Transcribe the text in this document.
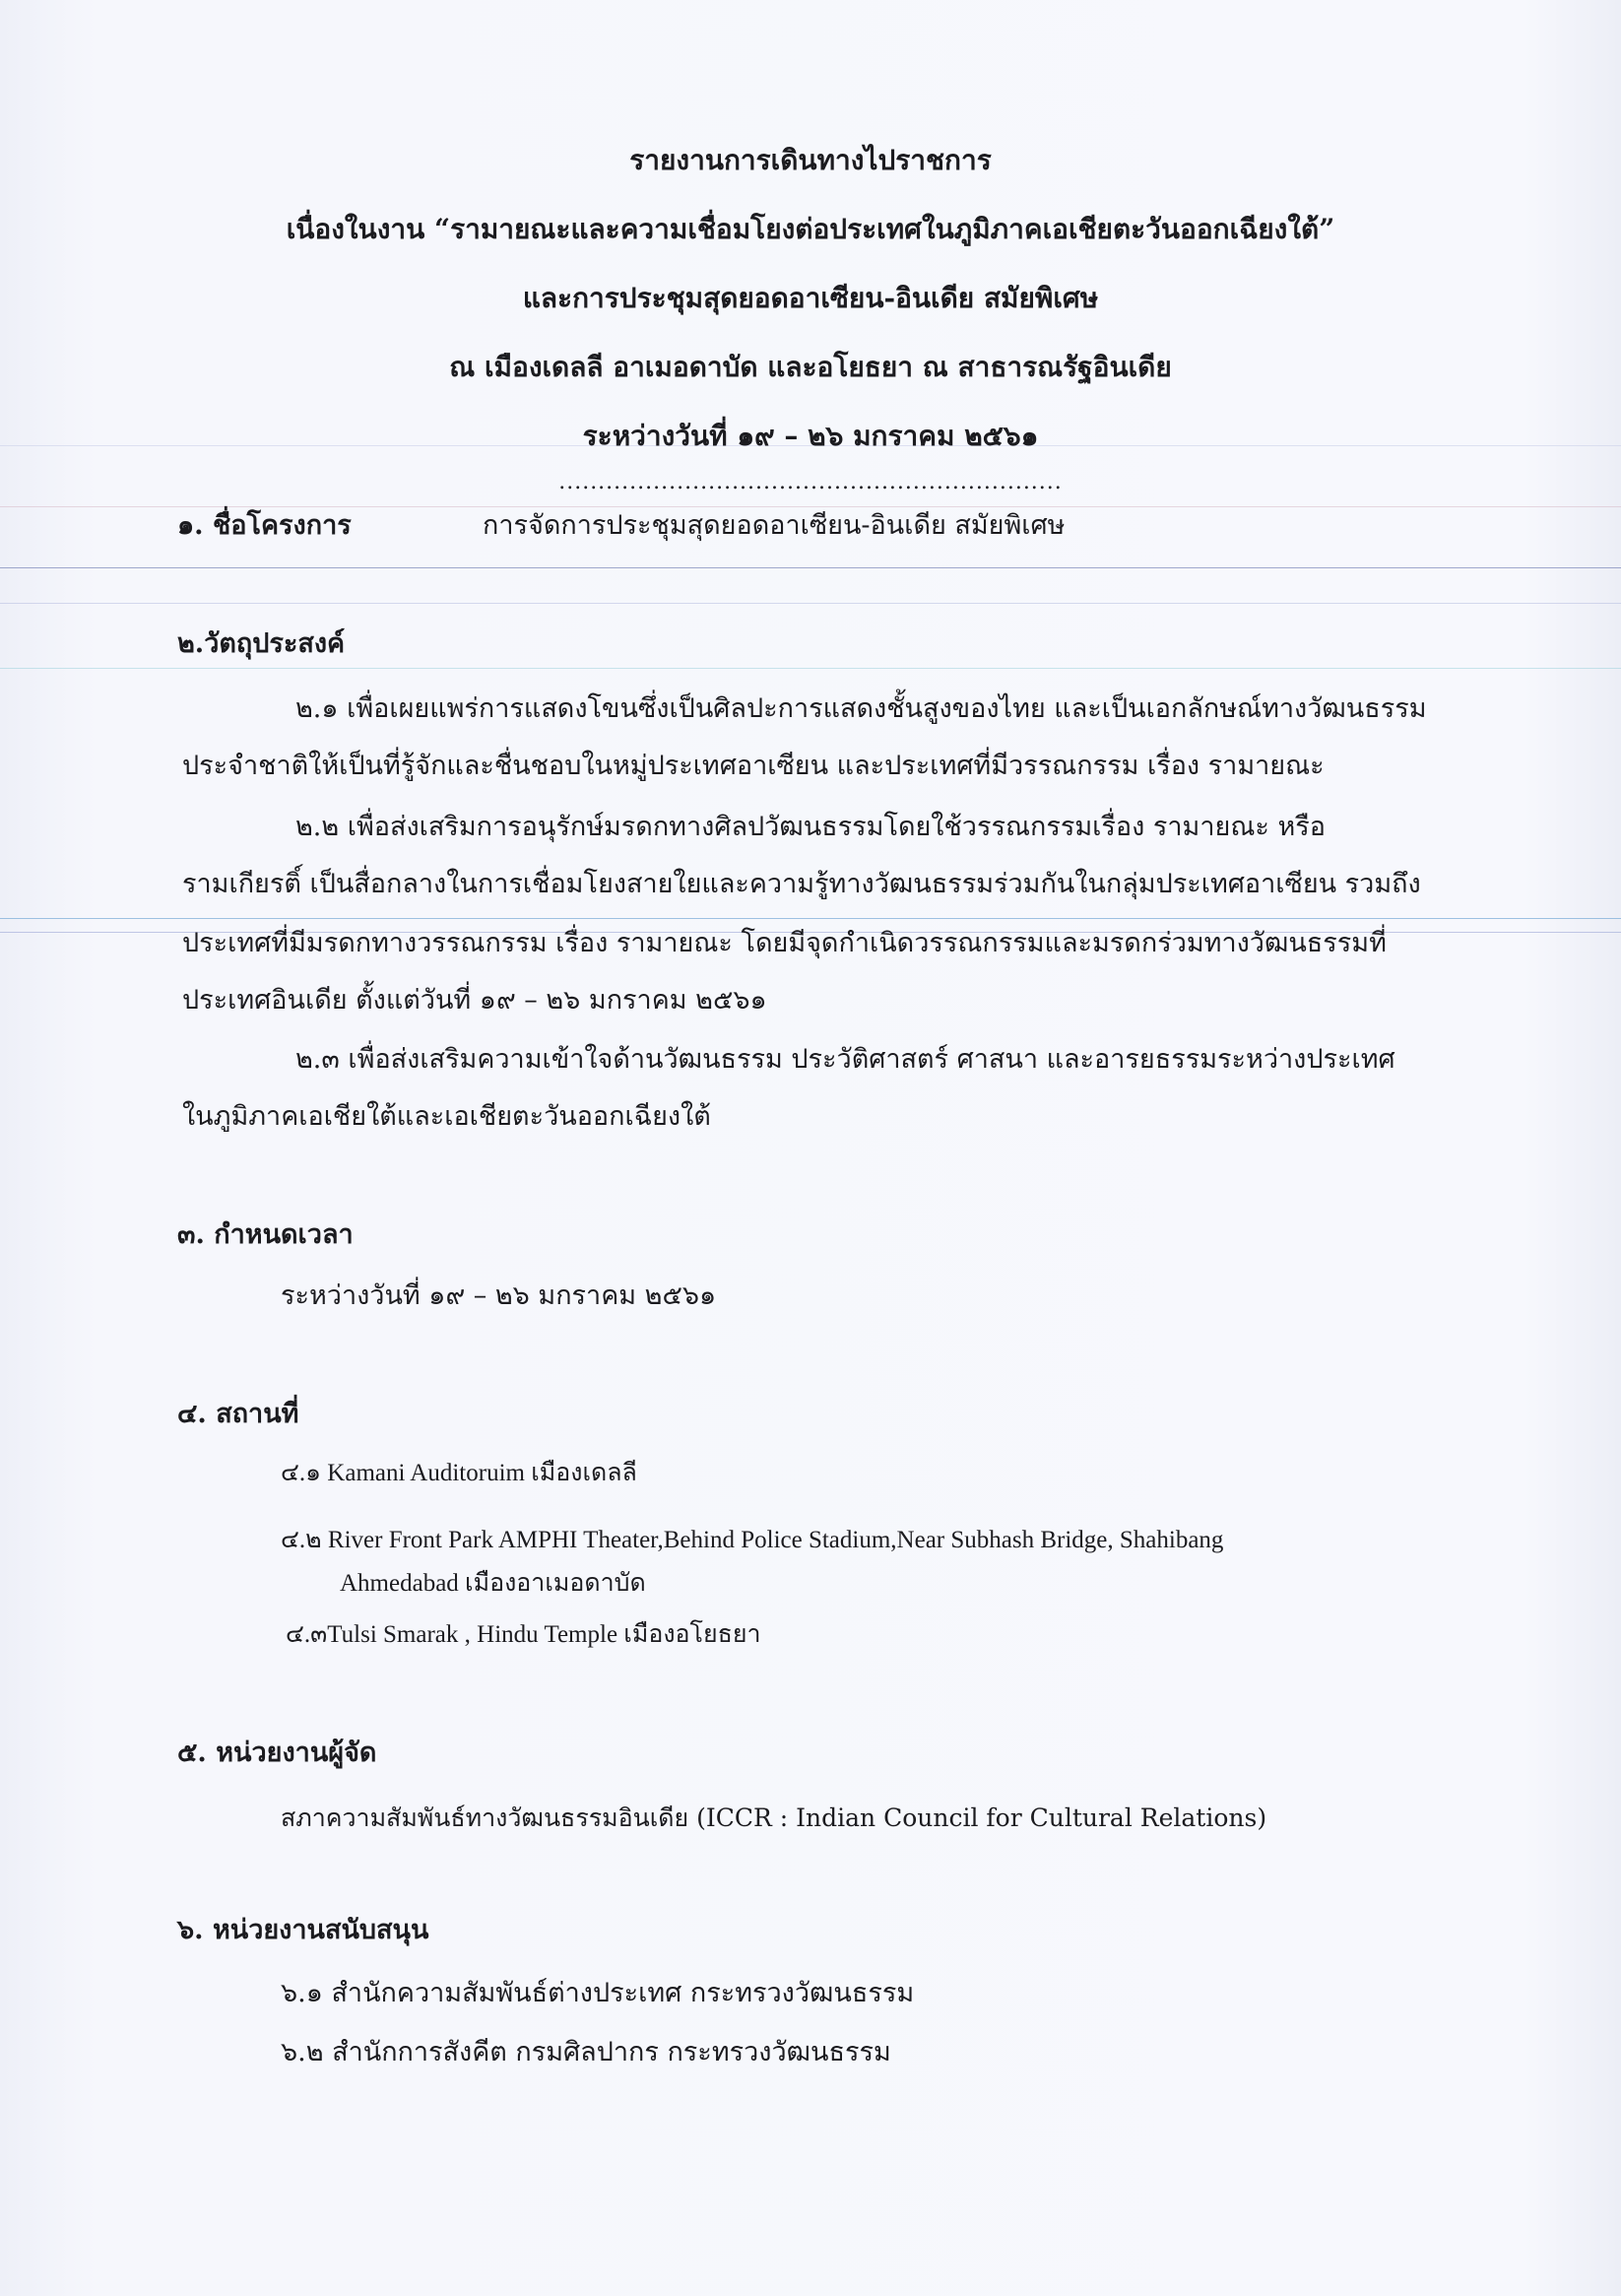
รายงานการเดินทางไปราชการ
เนื่องในงาน “รามายณะและความเชื่อมโยงต่อประเทศในภูมิภาคเอเชียตะวันออกเฉียงใต้”
และการประชุมสุดยอดอาเซียน-อินเดีย สมัยพิเศษ
ณ เมืองเดลลี อาเมอดาบัด และอโยธยา ณ สาธารณรัฐอินเดีย
ระหว่างวันที่ ๑๙ – ๒๖ มกราคม ๒๕๖๑
................................................................
๑. ชื่อโครงการ	การจัดการประชุมสุดยอดอาเซียน-อินเดีย สมัยพิเศษ
๒.วัตถุประสงค์
๒.๑ เพื่อเผยแพร่การแสดงโขนซึ่งเป็นศิลปะการแสดงชั้นสูงของไทย และเป็นเอกลักษณ์ทางวัฒนธรรม
ประจำชาติให้เป็นที่รู้จักและชื่นชอบในหมู่ประเทศอาเซียน และประเทศที่มีวรรณกรรม เรื่อง รามายณะ
๒.๒ เพื่อส่งเสริมการอนุรักษ์มรดกทางศิลปวัฒนธรรมโดยใช้วรรณกรรมเรื่อง รามายณะ หรือ
รามเกียรติ์ เป็นสื่อกลางในการเชื่อมโยงสายใยและความรู้ทางวัฒนธรรมร่วมกันในกลุ่มประเทศอาเซียน รวมถึง
ประเทศที่มีมรดกทางวรรณกรรม เรื่อง รามายณะ โดยมีจุดกำเนิดวรรณกรรมและมรดกร่วมทางวัฒนธรรมที่
ประเทศอินเดีย ตั้งแต่วันที่ ๑๙ – ๒๖ มกราคม ๒๕๖๑
๒.๓ เพื่อส่งเสริมความเข้าใจด้านวัฒนธรรม ประวัติศาสตร์ ศาสนา และอารยธรรมระหว่างประเทศ
ในภูมิภาคเอเชียใต้และเอเชียตะวันออกเฉียงใต้
๓. กำหนดเวลา
ระหว่างวันที่ ๑๙ – ๒๖ มกราคม ๒๕๖๑
๔. สถานที่
๔.๑ Kamani Auditoruim เมืองเดลลี
๔.๒ River Front Park AMPHI Theater,Behind Police Stadium,Near Subhash Bridge, Shahibang
Ahmedabad เมืองอาเมอดาบัด
๔.๓Tulsi Smarak , Hindu Temple เมืองอโยธยา
๕. หน่วยงานผู้จัด
สภาความสัมพันธ์ทางวัฒนธรรมอินเดีย (ICCR : Indian Council for Cultural Relations)
๖. หน่วยงานสนับสนุน
๖.๑ สำนักความสัมพันธ์ต่างประเทศ กระทรวงวัฒนธรรม
๖.๒ สำนักการสังคีต กรมศิลปากร กระทรวงวัฒนธรรม
